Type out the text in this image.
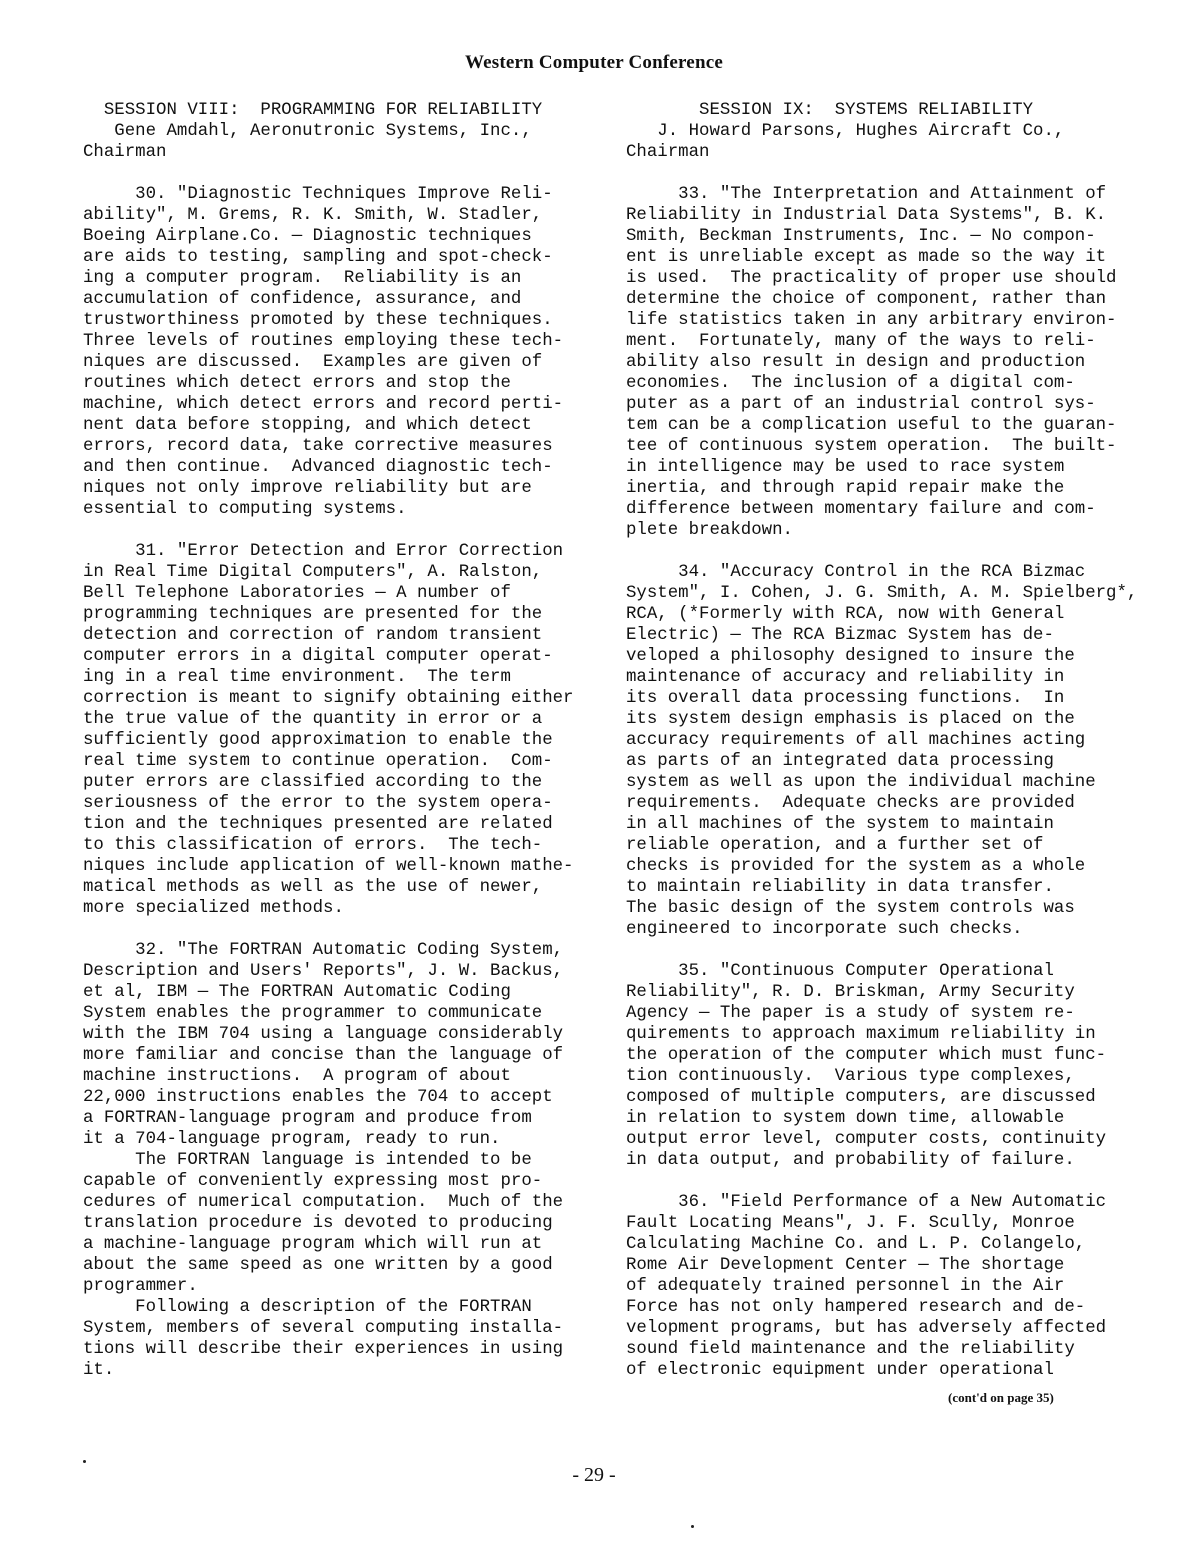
Western Computer Conference
SESSION VIII:  PROGRAMMING FOR RELIABILITY
Gene Amdahl, Aeronutronic Systems, Inc.,
Chairman
30. "Diagnostic Techniques Improve Reli-
ability", M. Grems, R. K. Smith, W. Stadler,
Boeing Airplane.Co. — Diagnostic techniques
are aids to testing, sampling and spot-check-
ing a computer program.  Reliability is an
accumulation of confidence, assurance, and
trustworthiness promoted by these techniques.
Three levels of routines employing these tech-
niques are discussed.  Examples are given of
routines which detect errors and stop the
machine, which detect errors and record perti-
nent data before stopping, and which detect
errors, record data, take corrective measures
and then continue.  Advanced diagnostic tech-
niques not only improve reliability but are
essential to computing systems.
31. "Error Detection and Error Correction
in Real Time Digital Computers", A. Ralston,
Bell Telephone Laboratories — A number of
programming techniques are presented for the
detection and correction of random transient
computer errors in a digital computer operat-
ing in a real time environment.  The term
correction is meant to signify obtaining either
the true value of the quantity in error or a
sufficiently good approximation to enable the
real time system to continue operation.  Com-
puter errors are classified according to the
seriousness of the error to the system opera-
tion and the techniques presented are related
to this classification of errors.  The tech-
niques include application of well-known mathe-
matical methods as well as the use of newer,
more specialized methods.
32. "The FORTRAN Automatic Coding System,
Description and Users' Reports", J. W. Backus,
et al, IBM — The FORTRAN Automatic Coding
System enables the programmer to communicate
with the IBM 704 using a language considerably
more familiar and concise than the language of
machine instructions.  A program of about
22,000 instructions enables the 704 to accept
a FORTRAN-language program and produce from
it a 704-language program, ready to run.
The FORTRAN language is intended to be
capable of conveniently expressing most pro-
cedures of numerical computation.  Much of the
translation procedure is devoted to producing
a machine-language program which will run at
about the same speed as one written by a good
programmer.
Following a description of the FORTRAN
System, members of several computing installa-
tions will describe their experiences in using
it.
SESSION IX:  SYSTEMS RELIABILITY
J. Howard Parsons, Hughes Aircraft Co.,
Chairman
33. "The Interpretation and Attainment of
Reliability in Industrial Data Systems", B. K.
Smith, Beckman Instruments, Inc. — No compon-
ent is unreliable except as made so the way it
is used.  The practicality of proper use should
determine the choice of component, rather than
life statistics taken in any arbitrary environ-
ment.  Fortunately, many of the ways to reli-
ability also result in design and production
economies.  The inclusion of a digital com-
puter as a part of an industrial control sys-
tem can be a complication useful to the guaran-
tee of continuous system operation.  The built-
in intelligence may be used to race system
inertia, and through rapid repair make the
difference between momentary failure and com-
plete breakdown.
34. "Accuracy Control in the RCA Bizmac
System", I. Cohen, J. G. Smith, A. M. Spielberg*,
RCA, (*Formerly with RCA, now with General
Electric) — The RCA Bizmac System has de-
veloped a philosophy designed to insure the
maintenance of accuracy and reliability in
its overall data processing functions.  In
its system design emphasis is placed on the
accuracy requirements of all machines acting
as parts of an integrated data processing
system as well as upon the individual machine
requirements.  Adequate checks are provided
in all machines of the system to maintain
reliable operation, and a further set of
checks is provided for the system as a whole
to maintain reliability in data transfer.
The basic design of the system controls was
engineered to incorporate such checks.
35. "Continuous Computer Operational
Reliability", R. D. Briskman, Army Security
Agency — The paper is a study of system re-
quirements to approach maximum reliability in
the operation of the computer which must func-
tion continuously.  Various type complexes,
composed of multiple computers, are discussed
in relation to system down time, allowable
output error level, computer costs, continuity
in data output, and probability of failure.
36. "Field Performance of a New Automatic
Fault Locating Means", J. F. Scully, Monroe
Calculating Machine Co. and L. P. Colangelo,
Rome Air Development Center — The shortage
of adequately trained personnel in the Air
Force has not only hampered research and de-
velopment programs, but has adversely affected
sound field maintenance and the reliability
of electronic equipment under operational
(cont'd on page 35)
- 29 -
